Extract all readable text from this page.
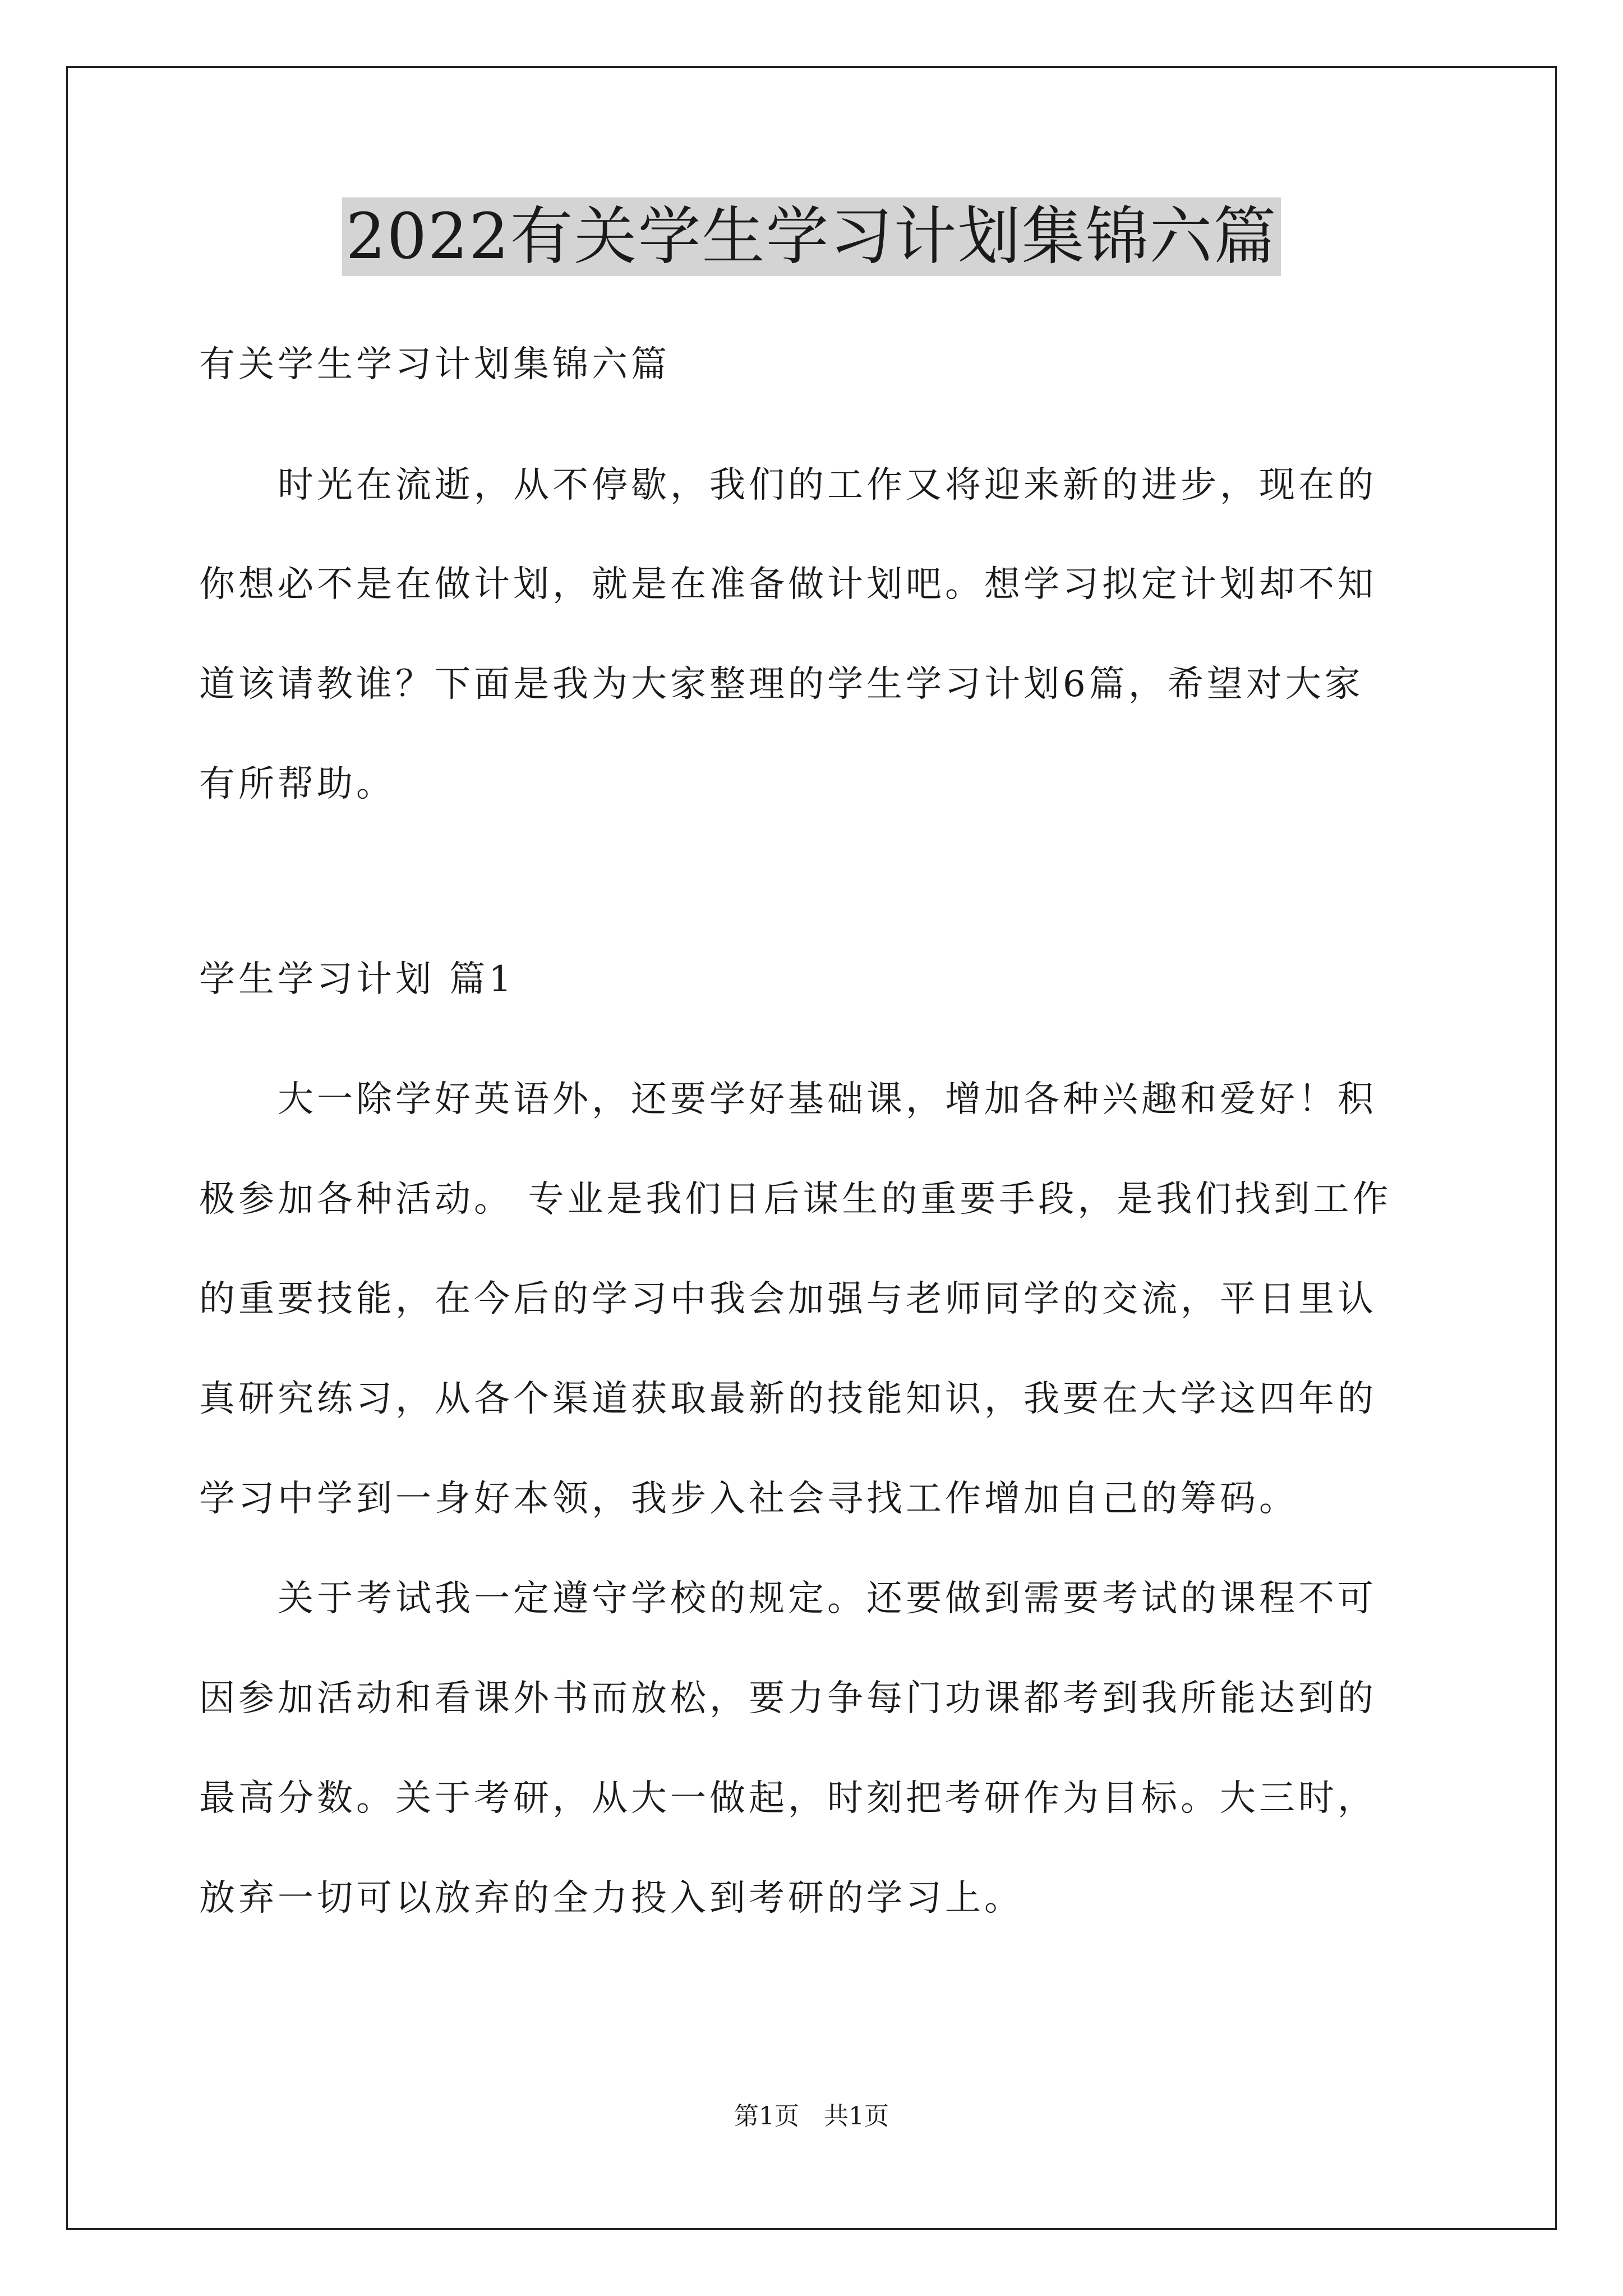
2022有关学生学习计划集锦六篇
有关学生学习计划集锦六篇
时光在流逝，从不停歇，我们的工作又将迎来新的进步，现在的
你想必不是在做计划，就是在准备做计划吧。想学习拟定计划却不知
道该请教谁？下面是我为大家整理的学生学习计划6篇，希望对大家
有所帮助。
学生学习计划 篇1
大一除学好英语外，还要学好基础课，增加各种兴趣和爱好！积
极参加各种活动。 专业是我们日后谋生的重要手段，是我们找到工作
的重要技能，在今后的学习中我会加强与老师同学的交流，平日里认
真研究练习，从各个渠道获取最新的技能知识，我要在大学这四年的
学习中学到一身好本领，我步入社会寻找工作增加自己的筹码。
关于考试我一定遵守学校的规定。还要做到需要考试的课程不可
因参加活动和看课外书而放松，要力争每门功课都考到我所能达到的
最高分数。关于考研，从大一做起，时刻把考研作为目标。大三时，
放弃一切可以放弃的全力投入到考研的学习上。
第1页　共1页
